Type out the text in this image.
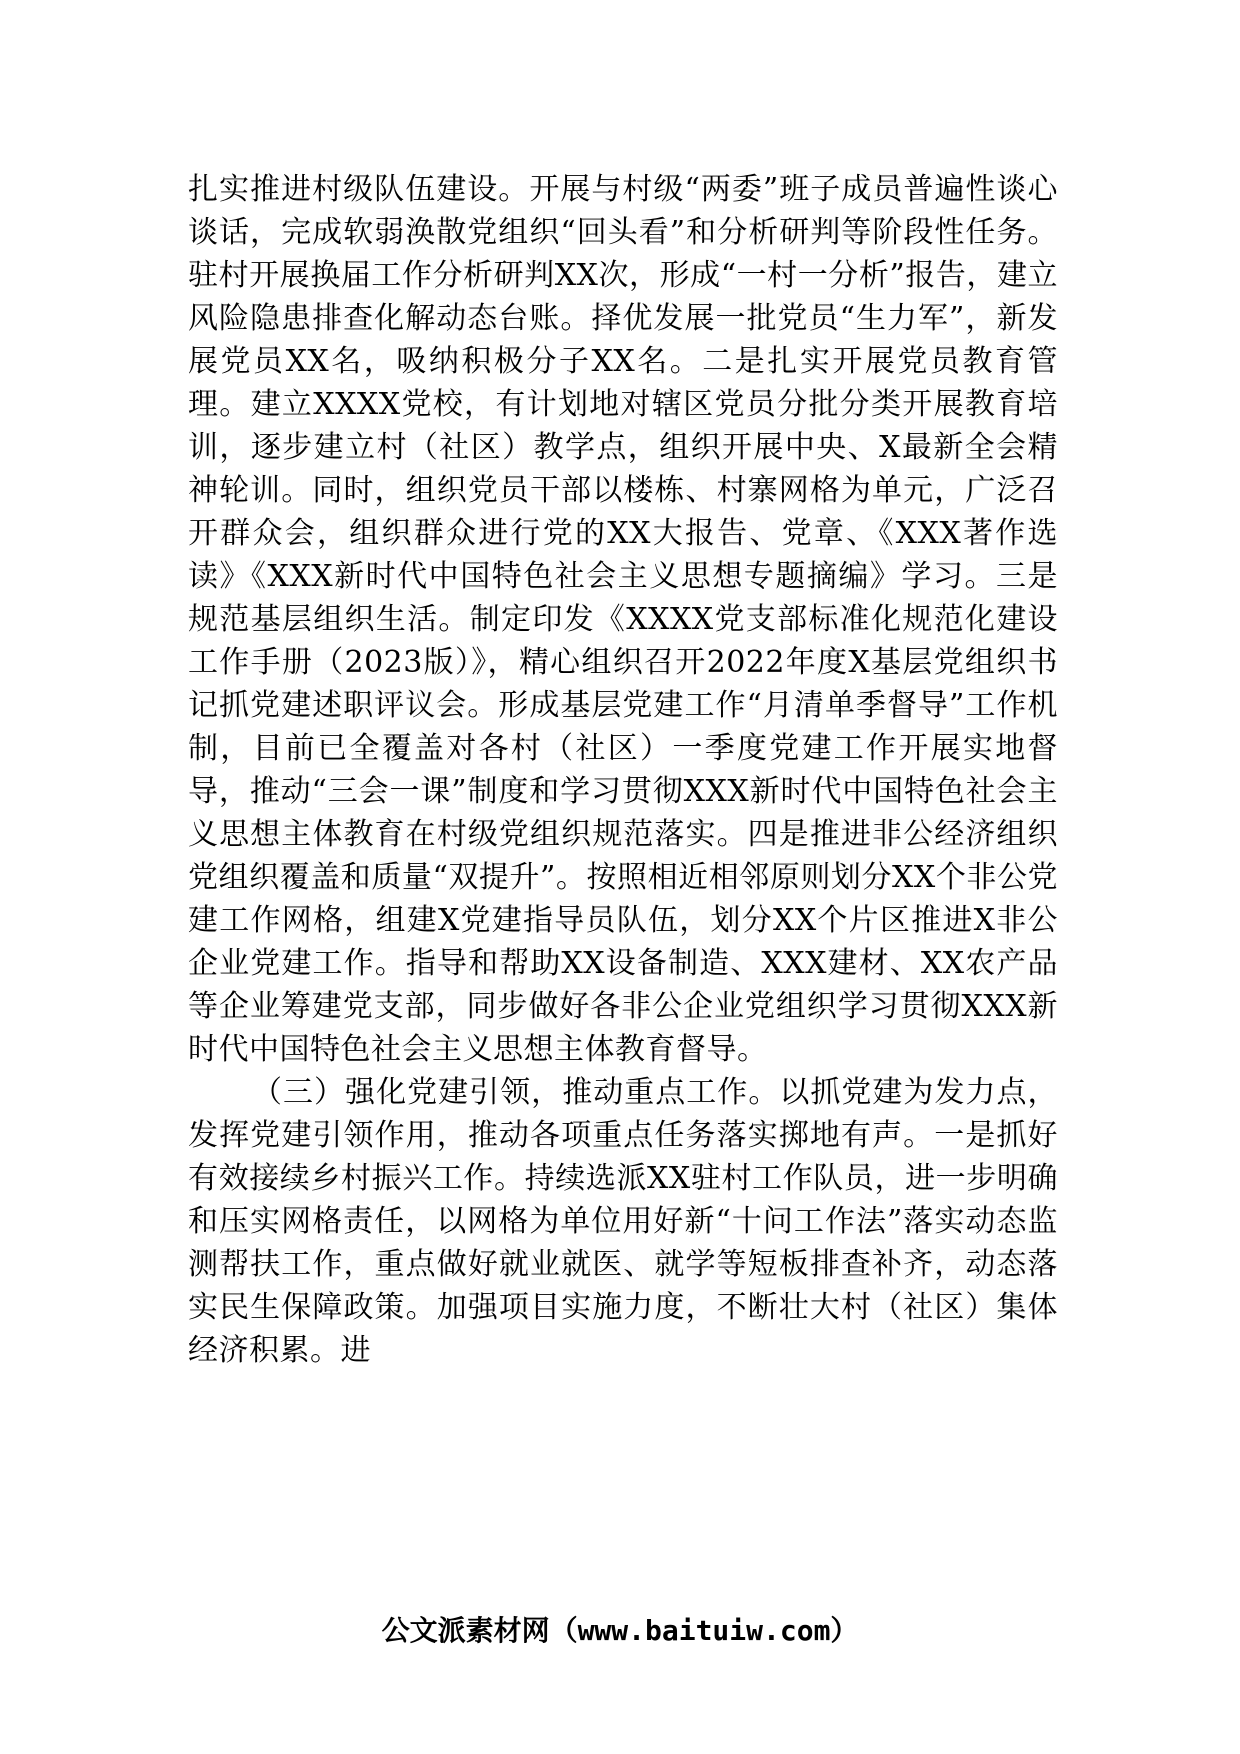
扎实推进村级队伍建设。开展与村级“两委”班子成员普遍性谈心谈话，完成软弱涣散党组织“回头看”和分析研判等阶段性任务。驻村开展换届工作分析研判XX次，形成“一村一分析”报告，建立风险隐患排查化解动态台账。择优发展一批党员“生力军”，新发展党员XX名，吸纳积极分子XX名。二是扎实开展党员教育管理。建立XXXX党校，有计划地对辖区党员分批分类开展教育培训，逐步建立村（社区）教学点，组织开展中央、X最新全会精神轮训。同时，组织党员干部以楼栋、村寨网格为单元，广泛召开群众会，组织群众进行党的XX大报告、党章、《XXX著作选读》《XXX新时代中国特色社会主义思想专题摘编》学习。三是规范基层组织生活。制定印发《XXXX党支部标准化规范化建设工作手册（2023版）》，精心组织召开2022年度X基层党组织书记抓党建述职评议会。形成基层党建工作“月清单季督导”工作机制，目前已全覆盖对各村（社区）一季度党建工作开展实地督导，推动“三会一课”制度和学习贯彻XXX新时代中国特色社会主义思想主体教育在村级党组织规范落实。四是推进非公经济组织党组织覆盖和质量“双提升”。按照相近相邻原则划分XX个非公党建工作网格，组建X党建指导员队伍，划分XX个片区推进X非公企业党建工作。指导和帮助XX设备制造、XXX建材、XX农产品等企业筹建党支部，同步做好各非公企业党组织学习贯彻XXX新时代中国特色社会主义思想主体教育督导。

（三）强化党建引领，推动重点工作。以抓党建为发力点，发挥党建引领作用，推动各项重点任务落实掷地有声。一是抓好有效接续乡村振兴工作。持续选派XX驻村工作队员，进一步明确和压实网格责任，以网格为单位用好新“十问工作法”落实动态监测帮扶工作，重点做好就业就医、就学等短板排查补齐，动态落实民生保障政策。加强项目实施力度，不断壮大村（社区）集体经济积累。进

公文派素材网（www.baituiw.com）
